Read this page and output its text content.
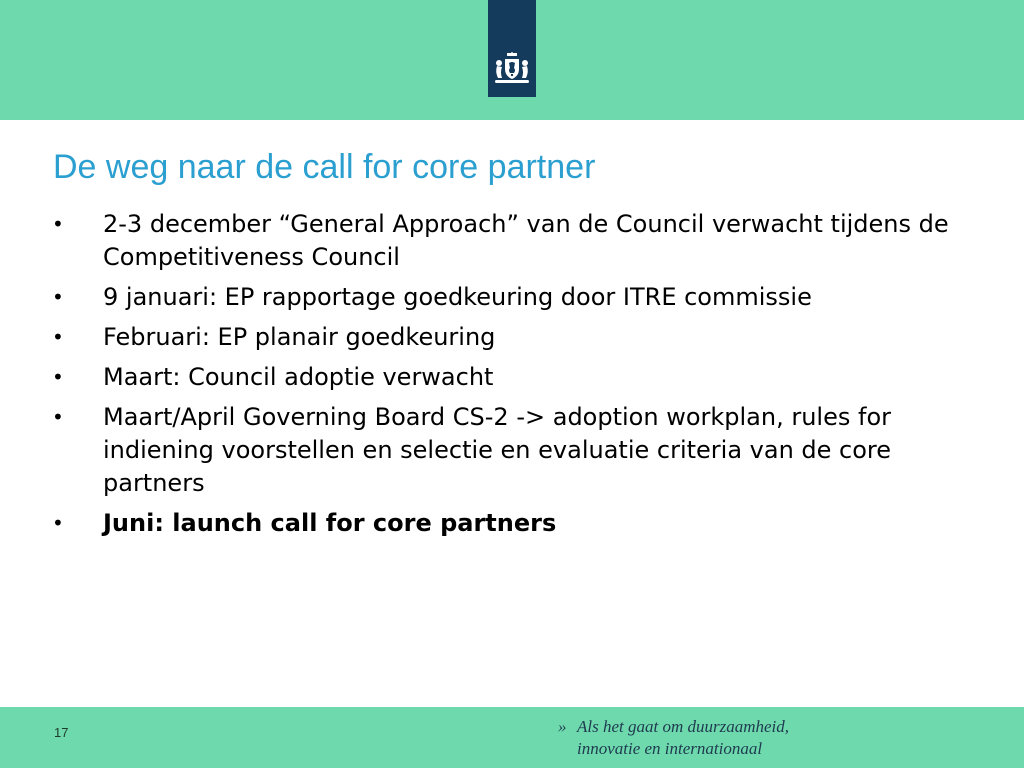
De weg naar de call for core partner
•	2-3 december “General Approach” van de Council verwacht tijdens de Competitiveness Council
•	9 januari: EP rapportage goedkeuring door ITRE commissie
•	Februari: EP planair goedkeuring
•	Maart: Council adoptie verwacht
•	Maart/April Governing Board CS-2 -> adoption workplan, rules for indiening voorstellen en selectie en evaluatie criteria van de core partners
•	Juni: launch call for core partners
17	» Als het gaat om duurzaamheid,
innovatie en internationaal
